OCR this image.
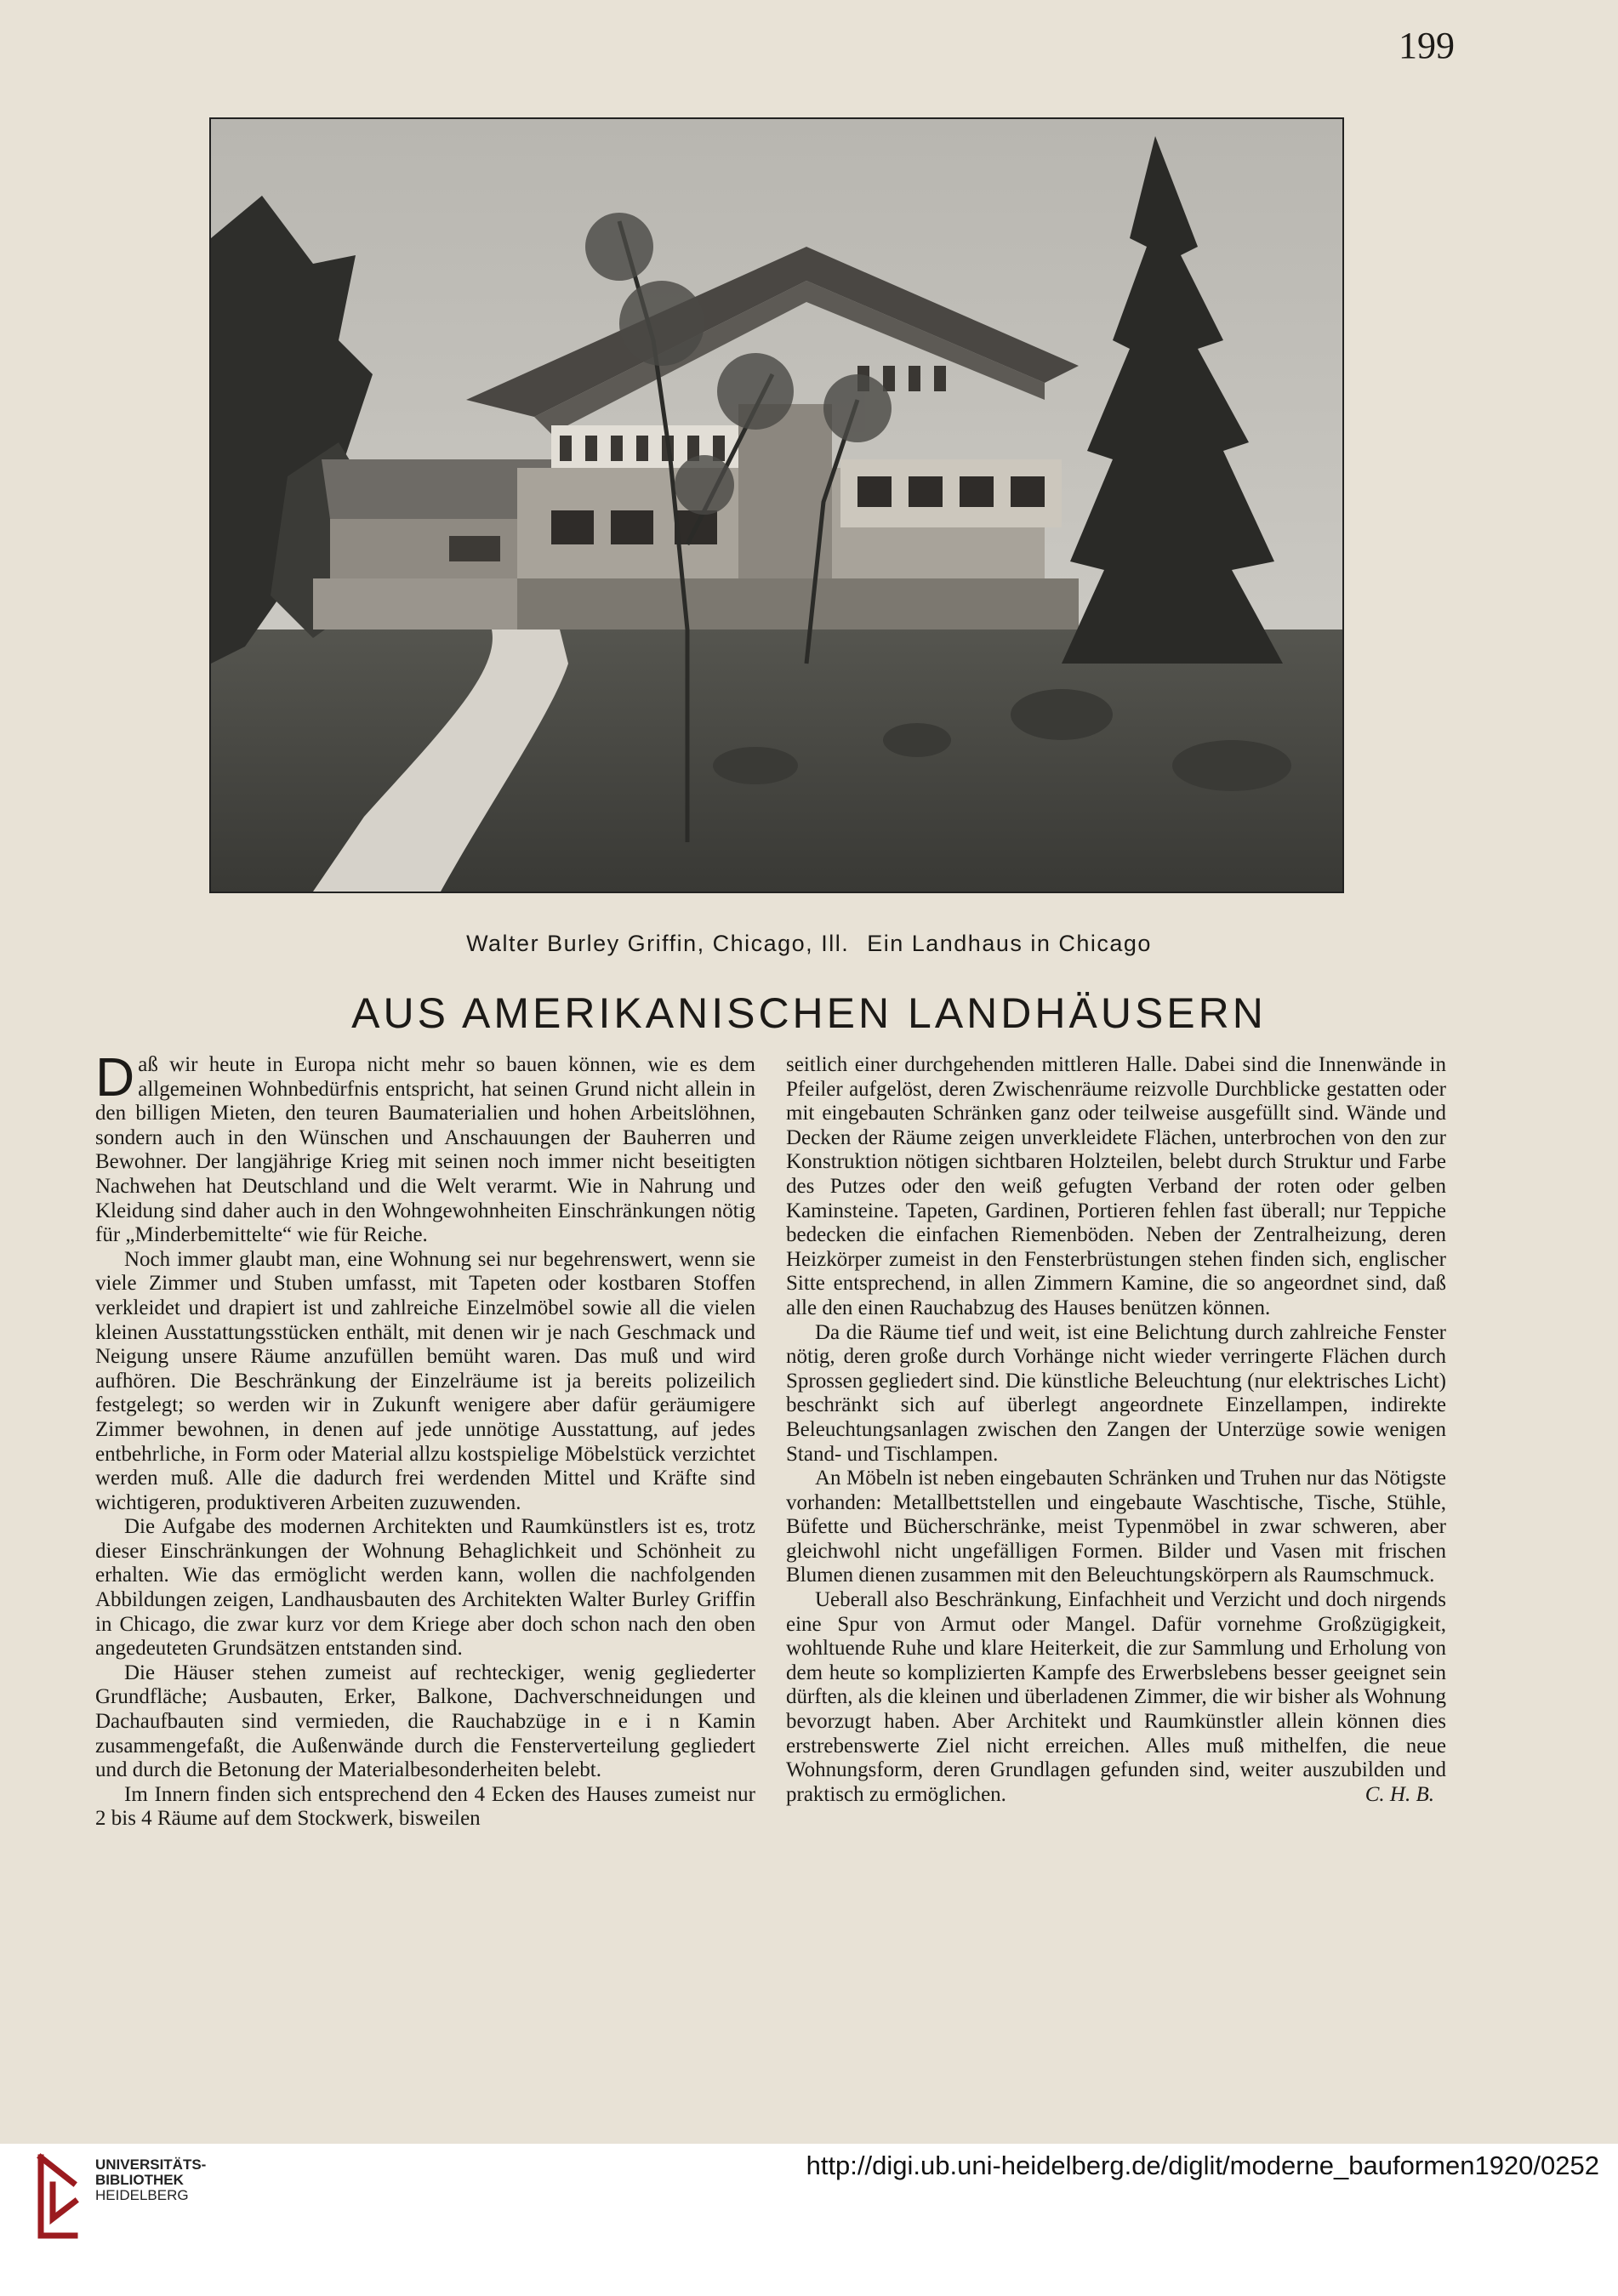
199
Walter Burley Griffin, Chicago, Ill. Ein Landhaus in Chicago
AUS AMERIKANISCHEN LANDHÄUSERN

Daß wir heute in Europa nicht mehr so bauen können, wie es dem allgemeinen Wohnbedürfnis entspricht, hat seinen Grund nicht allein in den billigen Mieten, den teuren Baumaterialien und hohen Arbeitslöhnen, sondern auch in den Wünschen und Anschauungen der Bauherren und Bewohner. Der langjährige Krieg mit seinen noch immer nicht beseitigten Nachwehen hat Deutschland und die Welt verarmt. Wie in Nahrung und Kleidung sind daher auch in den Wohngewohnheiten Einschränkungen nötig für „Minderbemittelte“ wie für Reiche.

Noch immer glaubt man, eine Wohnung sei nur begehrenswert, wenn sie viele Zimmer und Stuben umfasst, mit Tapeten oder kostbaren Stoffen verkleidet und drapiert ist und zahlreiche Einzelmöbel sowie all die vielen kleinen Ausstattungsstücken enthält, mit denen wir je nach Geschmack und Neigung unsere Räume anzufüllen bemüht waren. Das muß und wird aufhören. Die Beschränkung der Einzelräume ist ja bereits polizeilich festgelegt; so werden wir in Zukunft wenigere aber dafür geräumigere Zimmer bewohnen, in denen auf jede unnötige Ausstattung, auf jedes entbehrliche, in Form oder Material allzu kostspielige Möbelstück verzichtet werden muß. Alle die dadurch frei werdenden Mittel und Kräfte sind wichtigeren, produktiveren Arbeiten zuzuwenden.

Die Aufgabe des modernen Architekten und Raumkünstlers ist es, trotz dieser Einschränkungen der Wohnung Behaglichkeit und Schönheit zu erhalten. Wie das ermöglicht werden kann, wollen die nachfolgenden Abbildungen zeigen, Landhausbauten des Architekten Walter Burley Griffin in Chicago, die zwar kurz vor dem Kriege aber doch schon nach den oben angedeuteten Grundsätzen entstanden sind.

Die Häuser stehen zumeist auf rechteckiger, wenig gegliederter Grundfläche; Ausbauten, Erker, Balkone, Dachverschneidungen und Dachaufbauten sind vermieden, die Rauchabzüge in e i n Kamin zusammengefaßt, die Außenwände durch die Fensterverteilung gegliedert und durch die Betonung der Materialbesonderheiten belebt.

Im Innern finden sich entsprechend den 4 Ecken des Hauses zumeist nur 2 bis 4 Räume auf dem Stockwerk, bisweilen

seitlich einer durchgehenden mittleren Halle. Dabei sind die Innenwände in Pfeiler aufgelöst, deren Zwischenräume reizvolle Durchblicke gestatten oder mit eingebauten Schränken ganz oder teilweise ausgefüllt sind. Wände und Decken der Räume zeigen unverkleidete Flächen, unterbrochen von den zur Konstruktion nötigen sichtbaren Holzteilen, belebt durch Struktur und Farbe des Putzes oder den weiß gefugten Verband der roten oder gelben Kaminsteine. Tapeten, Gardinen, Portieren fehlen fast überall; nur Teppiche bedecken die einfachen Riemenböden. Neben der Zentralheizung, deren Heizkörper zumeist in den Fensterbrüstungen stehen finden sich, englischer Sitte entsprechend, in allen Zimmern Kamine, die so angeordnet sind, daß alle den einen Rauchabzug des Hauses benützen können.

Da die Räume tief und weit, ist eine Belichtung durch zahlreiche Fenster nötig, deren große durch Vorhänge nicht wieder verringerte Flächen durch Sprossen gegliedert sind. Die künstliche Beleuchtung (nur elektrisches Licht) beschränkt sich auf überlegt angeordnete Einzellampen, indirekte Beleuchtungsanlagen zwischen den Zangen der Unterzüge sowie wenigen Stand- und Tischlampen.

An Möbeln ist neben eingebauten Schränken und Truhen nur das Nötigste vorhanden: Metallbettstellen und eingebaute Waschtische, Tische, Stühle, Büfette und Bücherschränke, meist Typenmöbel in zwar schweren, aber gleichwohl nicht ungefälligen Formen. Bilder und Vasen mit frischen Blumen dienen zusammen mit den Beleuchtungskörpern als Raumschmuck.

Ueberall also Beschränkung, Einfachheit und Verzicht und doch nirgends eine Spur von Armut oder Mangel. Dafür vornehme Großzügigkeit, wohltuende Ruhe und klare Heiterkeit, die zur Sammlung und Erholung von dem heute so komplizierten Kampfe des Erwerbslebens besser geeignet sein dürften, als die kleinen und überladenen Zimmer, die wir bisher als Wohnung bevorzugt haben. Aber Architekt und Raumkünstler allein können dies erstrebenswerte Ziel nicht erreichen. Alles muß mithelfen, die neue Wohnungsform, deren Grundlagen gefunden sind, weiter auszubilden und praktisch zu ermöglichen.	C. H. B.

UNIVERSITÄTS-
BIBLIOTHEK
HEIDELBERG
http://digi.ub.uni-heidelberg.de/diglit/moderne_bauformen1920/0252
